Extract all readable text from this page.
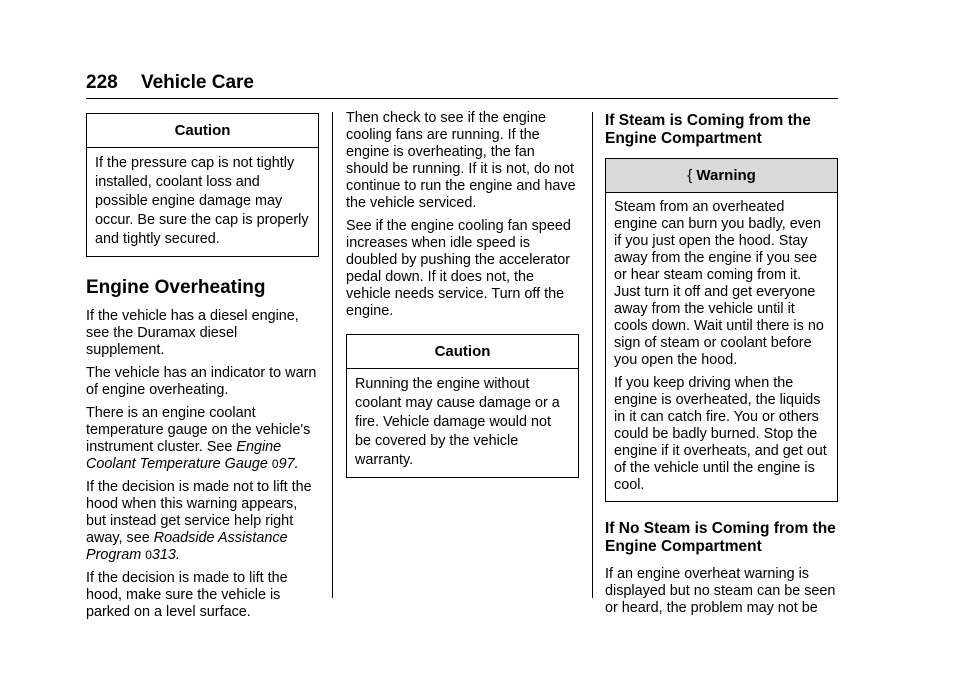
228 Vehicle Care
Caution
If the pressure cap is not tightly installed, coolant loss and possible engine damage may occur. Be sure the cap is properly and tightly secured.
Engine Overheating

If the vehicle has a diesel engine, see the Duramax diesel supplement.

The vehicle has an indicator to warn of engine overheating.

There is an engine coolant temperature gauge on the vehicle's instrument cluster. See Engine Coolant Temperature Gauge 097.

If the decision is made not to lift the hood when this warning appears, but instead get service help right away, see Roadside Assistance Program 0313.

If the decision is made to lift the hood, make sure the vehicle is parked on a level surface.

Then check to see if the engine cooling fans are running. If the engine is overheating, the fan should be running. If it is not, do not continue to run the engine and have the vehicle serviced.

See if the engine cooling fan speed increases when idle speed is doubled by pushing the accelerator pedal down. If it does not, the vehicle needs service. Turn off the engine.

Caution
Running the engine without coolant may cause damage or a fire. Vehicle damage would not be covered by the vehicle warranty.
If Steam is Coming from the Engine Compartment
{ Warning

Steam from an overheated engine can burn you badly, even if you just open the hood. Stay away from the engine if you see or hear steam coming from it. Just turn it off and get everyone away from the vehicle until it cools down. Wait until there is no sign of steam or coolant before you open the hood.

If you keep driving when the engine is overheated, the liquids in it can catch fire. You or others could be badly burned. Stop the engine if it overheats, and get out of the vehicle until the engine is cool.

If No Steam is Coming from the Engine Compartment

If an engine overheat warning is displayed but no steam can be seen or heard, the problem may not be
